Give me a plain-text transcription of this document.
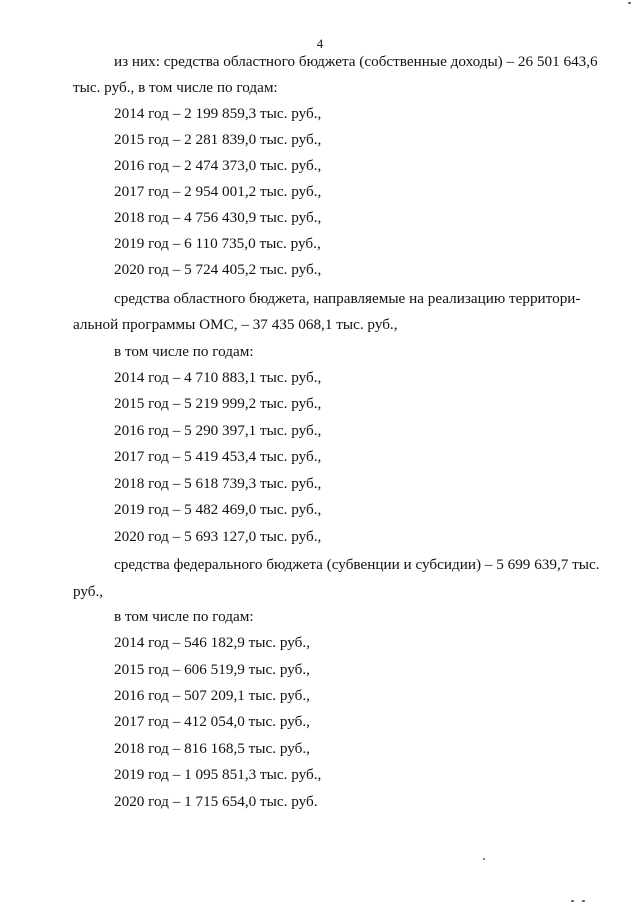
4
из них: средства областного бюджета (собственные доходы) – 26 501 643,6
тыс. руб., в том числе по годам:
2014 год – 2 199 859,3 тыс. руб.,
2015 год – 2 281 839,0 тыс. руб.,
2016 год – 2 474 373,0 тыс. руб.,
2017 год – 2 954 001,2 тыс. руб.,
2018 год – 4 756 430,9 тыс. руб.,
2019 год – 6 110 735,0 тыс. руб.,
2020 год – 5 724 405,2 тыс. руб.,
средства областного бюджета, направляемые на реализацию территори-
альной программы ОМС, – 37 435 068,1 тыс. руб.,
в том числе по годам:
2014 год – 4 710 883,1 тыс. руб.,
2015 год – 5 219 999,2 тыс. руб.,
2016 год – 5 290 397,1 тыс. руб.,
2017 год – 5 419 453,4 тыс. руб.,
2018 год – 5 618 739,3 тыс. руб.,
2019 год – 5 482 469,0 тыс. руб.,
2020 год – 5 693 127,0 тыс. руб.,
средства федерального бюджета (субвенции и субсидии) – 5 699 639,7 тыс.
руб.,
в том числе по годам:
2014 год – 546 182,9 тыс. руб.,
2015 год – 606 519,9 тыс. руб.,
2016 год – 507 209,1 тыс. руб.,
2017 год – 412 054,0 тыс. руб.,
2018 год – 816 168,5 тыс. руб.,
2019 год – 1 095 851,3 тыс. руб.,
2020 год – 1 715 654,0 тыс. руб.
